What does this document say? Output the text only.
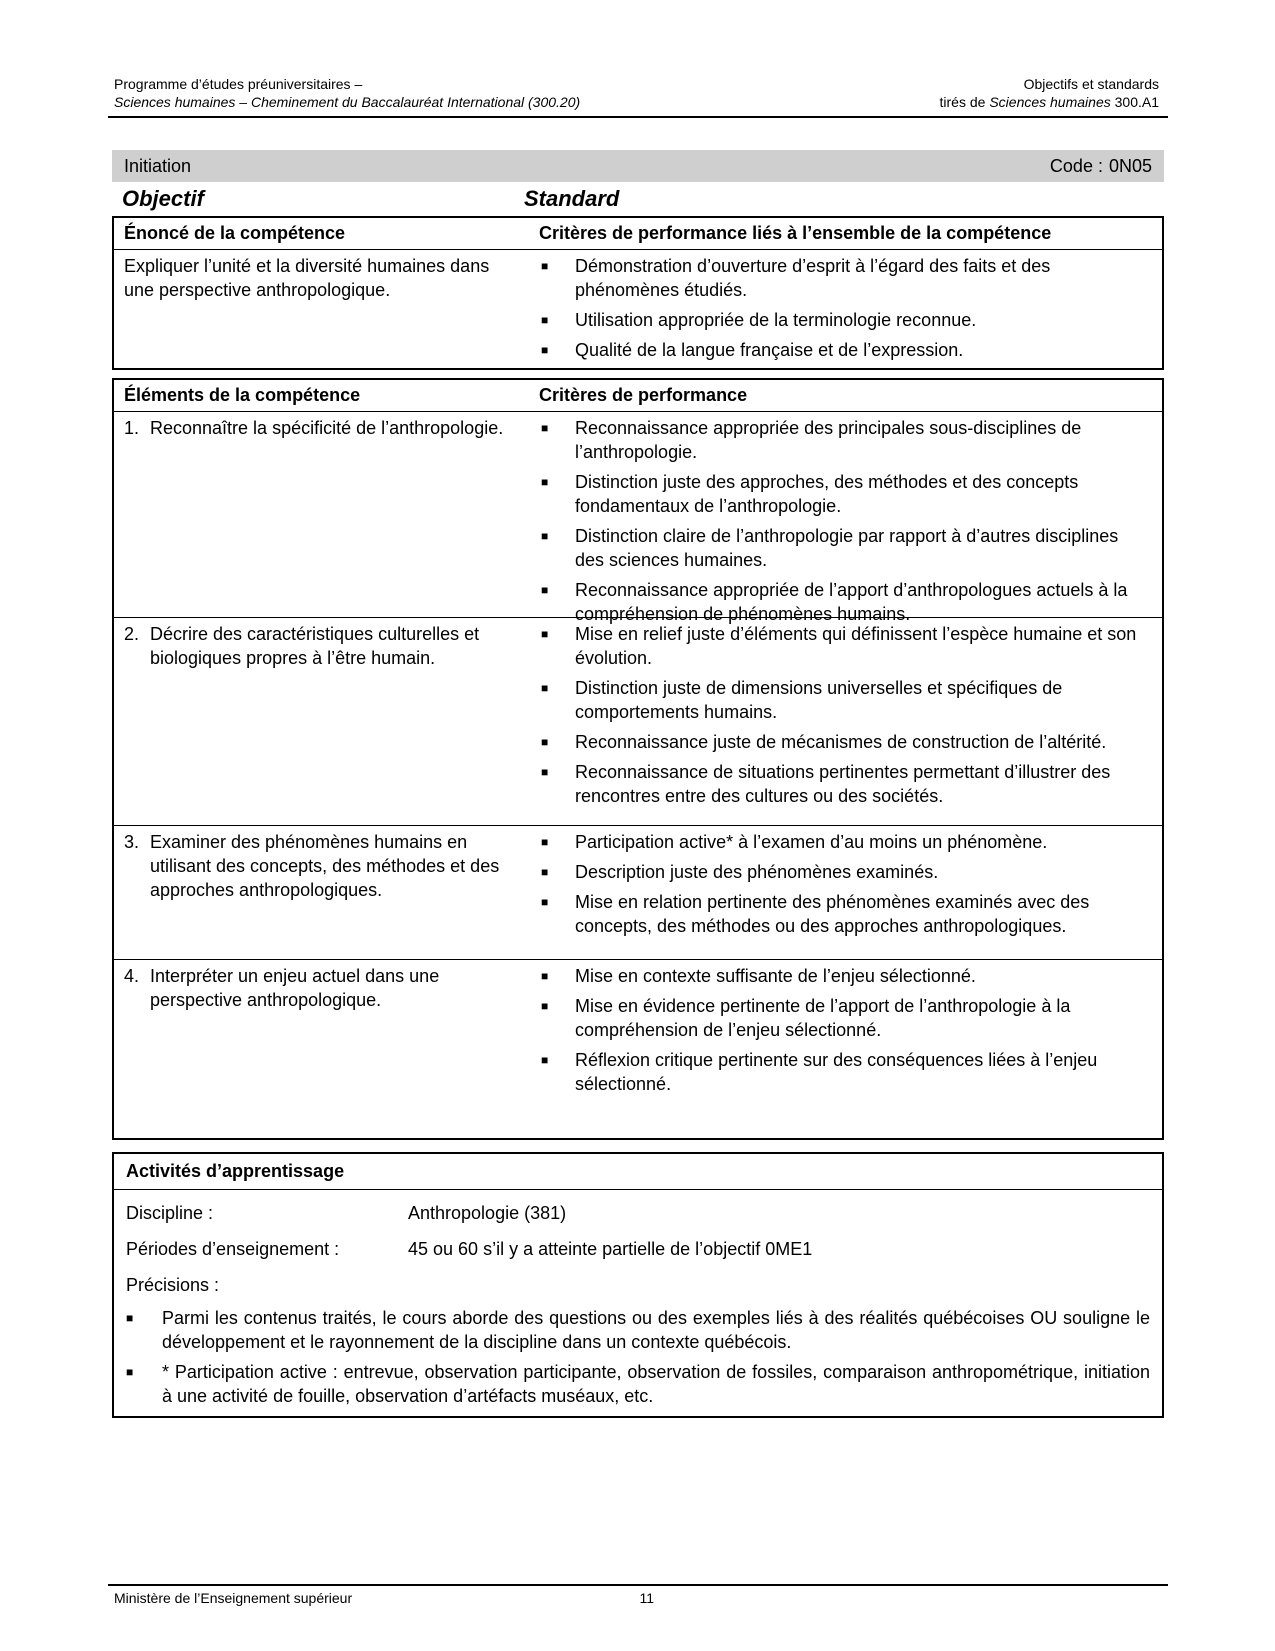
Programme d’études préuniversitaires –	Objectifs et standards
Sciences humaines – Cheminement du Baccalauréat International (300.20)	tirés de Sciences humaines 300.A1
Initiation	Code : 0N05
Objectif	Standard
Énoncé de la compétence	Critères de performance liés à l’ensemble de la compétence
Expliquer l’unité et la diversité humaines dans une perspective anthropologique.
■	Démonstration d’ouverture d’esprit à l’égard des faits et des phénomènes étudiés.
■	Utilisation appropriée de la terminologie reconnue.
■	Qualité de la langue française et de l’expression.
Éléments de la compétence	Critères de performance
1. Reconnaître la spécificité de l’anthropologie.	■	Reconnaissance appropriée des principales sous-disciplines de l’anthropologie.
■	Distinction juste des approches, des méthodes et des concepts fondamentaux de l’anthropologie.
■	Distinction claire de l’anthropologie par rapport à d’autres disciplines des sciences humaines.
■	Reconnaissance appropriée de l’apport d’anthropologues actuels à la compréhension de phénomènes humains.
2. Décrire des caractéristiques culturelles et biologiques propres à l’être humain.
■	Mise en relief juste d’éléments qui définissent l’espèce humaine et son évolution.
■	Distinction juste de dimensions universelles et spécifiques de comportements humains.
■	Reconnaissance juste de mécanismes de construction de l’altérité.
■	Reconnaissance de situations pertinentes permettant d’illustrer des rencontres entre des cultures ou des sociétés.
3. Examiner des phénomènes humains en utilisant des concepts, des méthodes et des approches anthropologiques.
■	Participation active* à l’examen d’au moins un phénomène.
■	Description juste des phénomènes examinés.
■	Mise en relation pertinente des phénomènes examinés avec des concepts, des méthodes ou des approches anthropologiques.
4. Interpréter un enjeu actuel dans une perspective anthropologique.
■	Mise en contexte suffisante de l’enjeu sélectionné.
■	Mise en évidence pertinente de l’apport de l’anthropologie à la compréhension de l’enjeu sélectionné.
■	Réflexion critique pertinente sur des conséquences liées à l’enjeu sélectionné.
Activités d’apprentissage
Discipline :	Anthropologie (381)
Périodes d’enseignement :	45 ou 60 s’il y a atteinte partielle de l’objectif 0ME1
Précisions :
■	Parmi les contenus traités, le cours aborde des questions ou des exemples liés à des réalités québécoises OU souligne le développement et le rayonnement de la discipline dans un contexte québécois.
■	* Participation active : entrevue, observation participante, observation de fossiles, comparaison anthropométrique, initiation à une activité de fouille, observation d’artéfacts muséaux, etc.
Ministère de l’Enseignement supérieur	11
